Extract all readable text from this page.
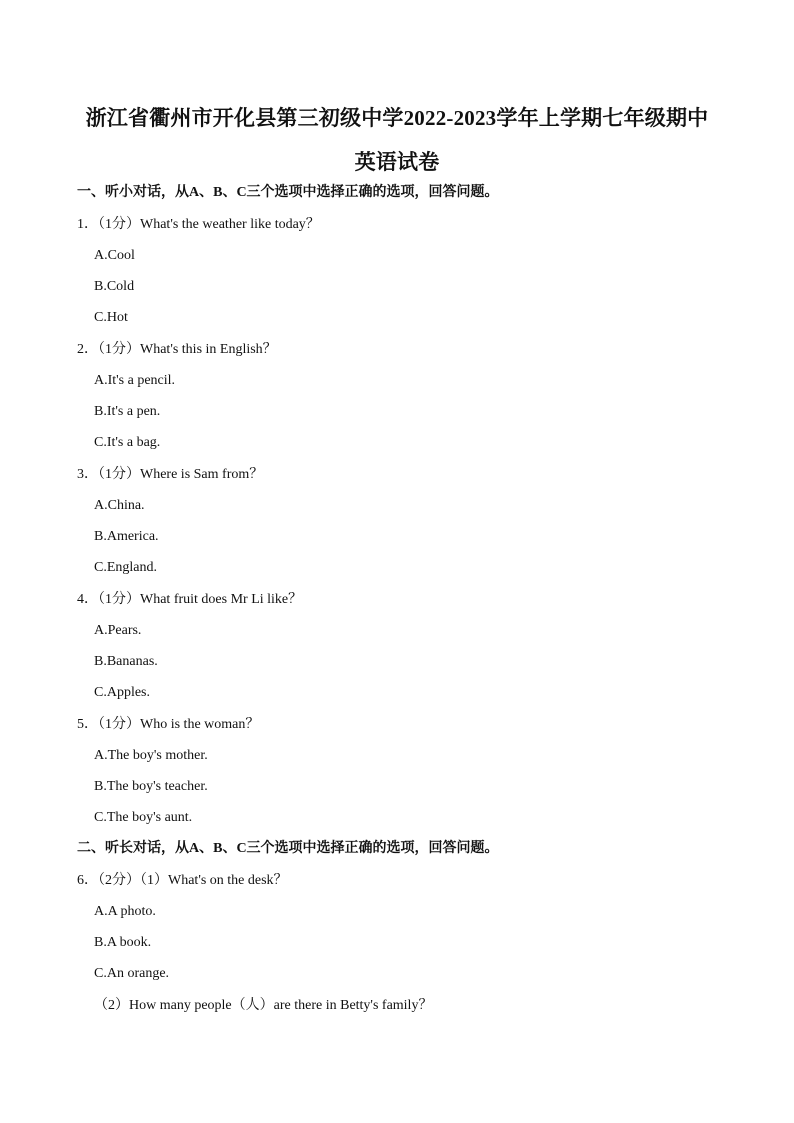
浙江省衢州市开化县第三初级中学2022-2023学年上学期七年级期中
英语试卷
一、听小对话，从A、B、C三个选项中选择正确的选项，回答问题。
1．（1分）What's the weather like today？
A.Cool
B.Cold
C.Hot
2．（1分）What's this in English？
A.It's a pencil.
B.It's a pen.
C.It's a bag.
3．（1分）Where is Sam from？
A.China.
B.America.
C.England.
4．（1分）What fruit does Mr Li like？
A.Pears.
B.Bananas.
C.Apples.
5．（1分）Who is the woman？
A.The boy's mother.
B.The boy's teacher.
C.The boy's aunt.
二、听长对话，从A、B、C三个选项中选择正确的选项，回答问题。
6．（2分）（1）What's on the desk？
A.A photo.
B.A book.
C.An orange.
（2）How many people（人）are there in Betty's family？
